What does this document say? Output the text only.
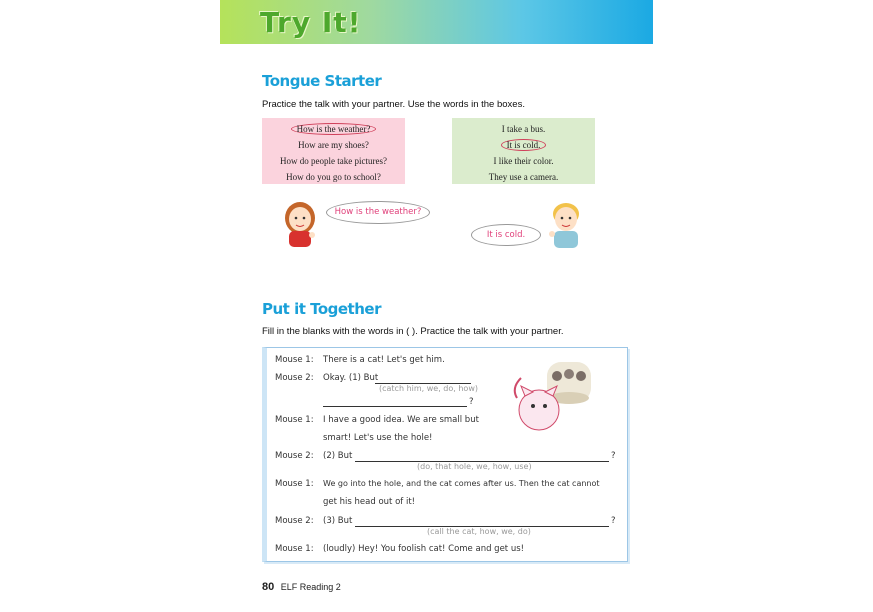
Try It!
Tongue Starter
Practice the talk with your partner. Use the words in the boxes.
How is the weather?
How are my shoes?
How do people take pictures?
How do you go to school?
I take a bus.
It is cold.
I like their color.
They use a camera.
How is the weather?
It is cold.
Put it Together
Fill in the blanks with the words in ( ). Practice the talk with your partner.
Mouse 1:	There is a cat! Let's get him.
Mouse 2:	Okay. (1) But
(catch him, we, do, how)
?
Mouse 1:	I have a good idea. We are small but
smart! Let's use the hole!
Mouse 2:	(2) But	?
(do, that hole, we, how, use)
Mouse 1:	We go into the hole, and the cat comes after us. Then the cat cannot
get his head out of it!
Mouse 2:	(3) But	?
(call the cat, how, we, do)
Mouse 1:	(loudly) Hey! You foolish cat! Come and get us!
80 ELF Reading 2
